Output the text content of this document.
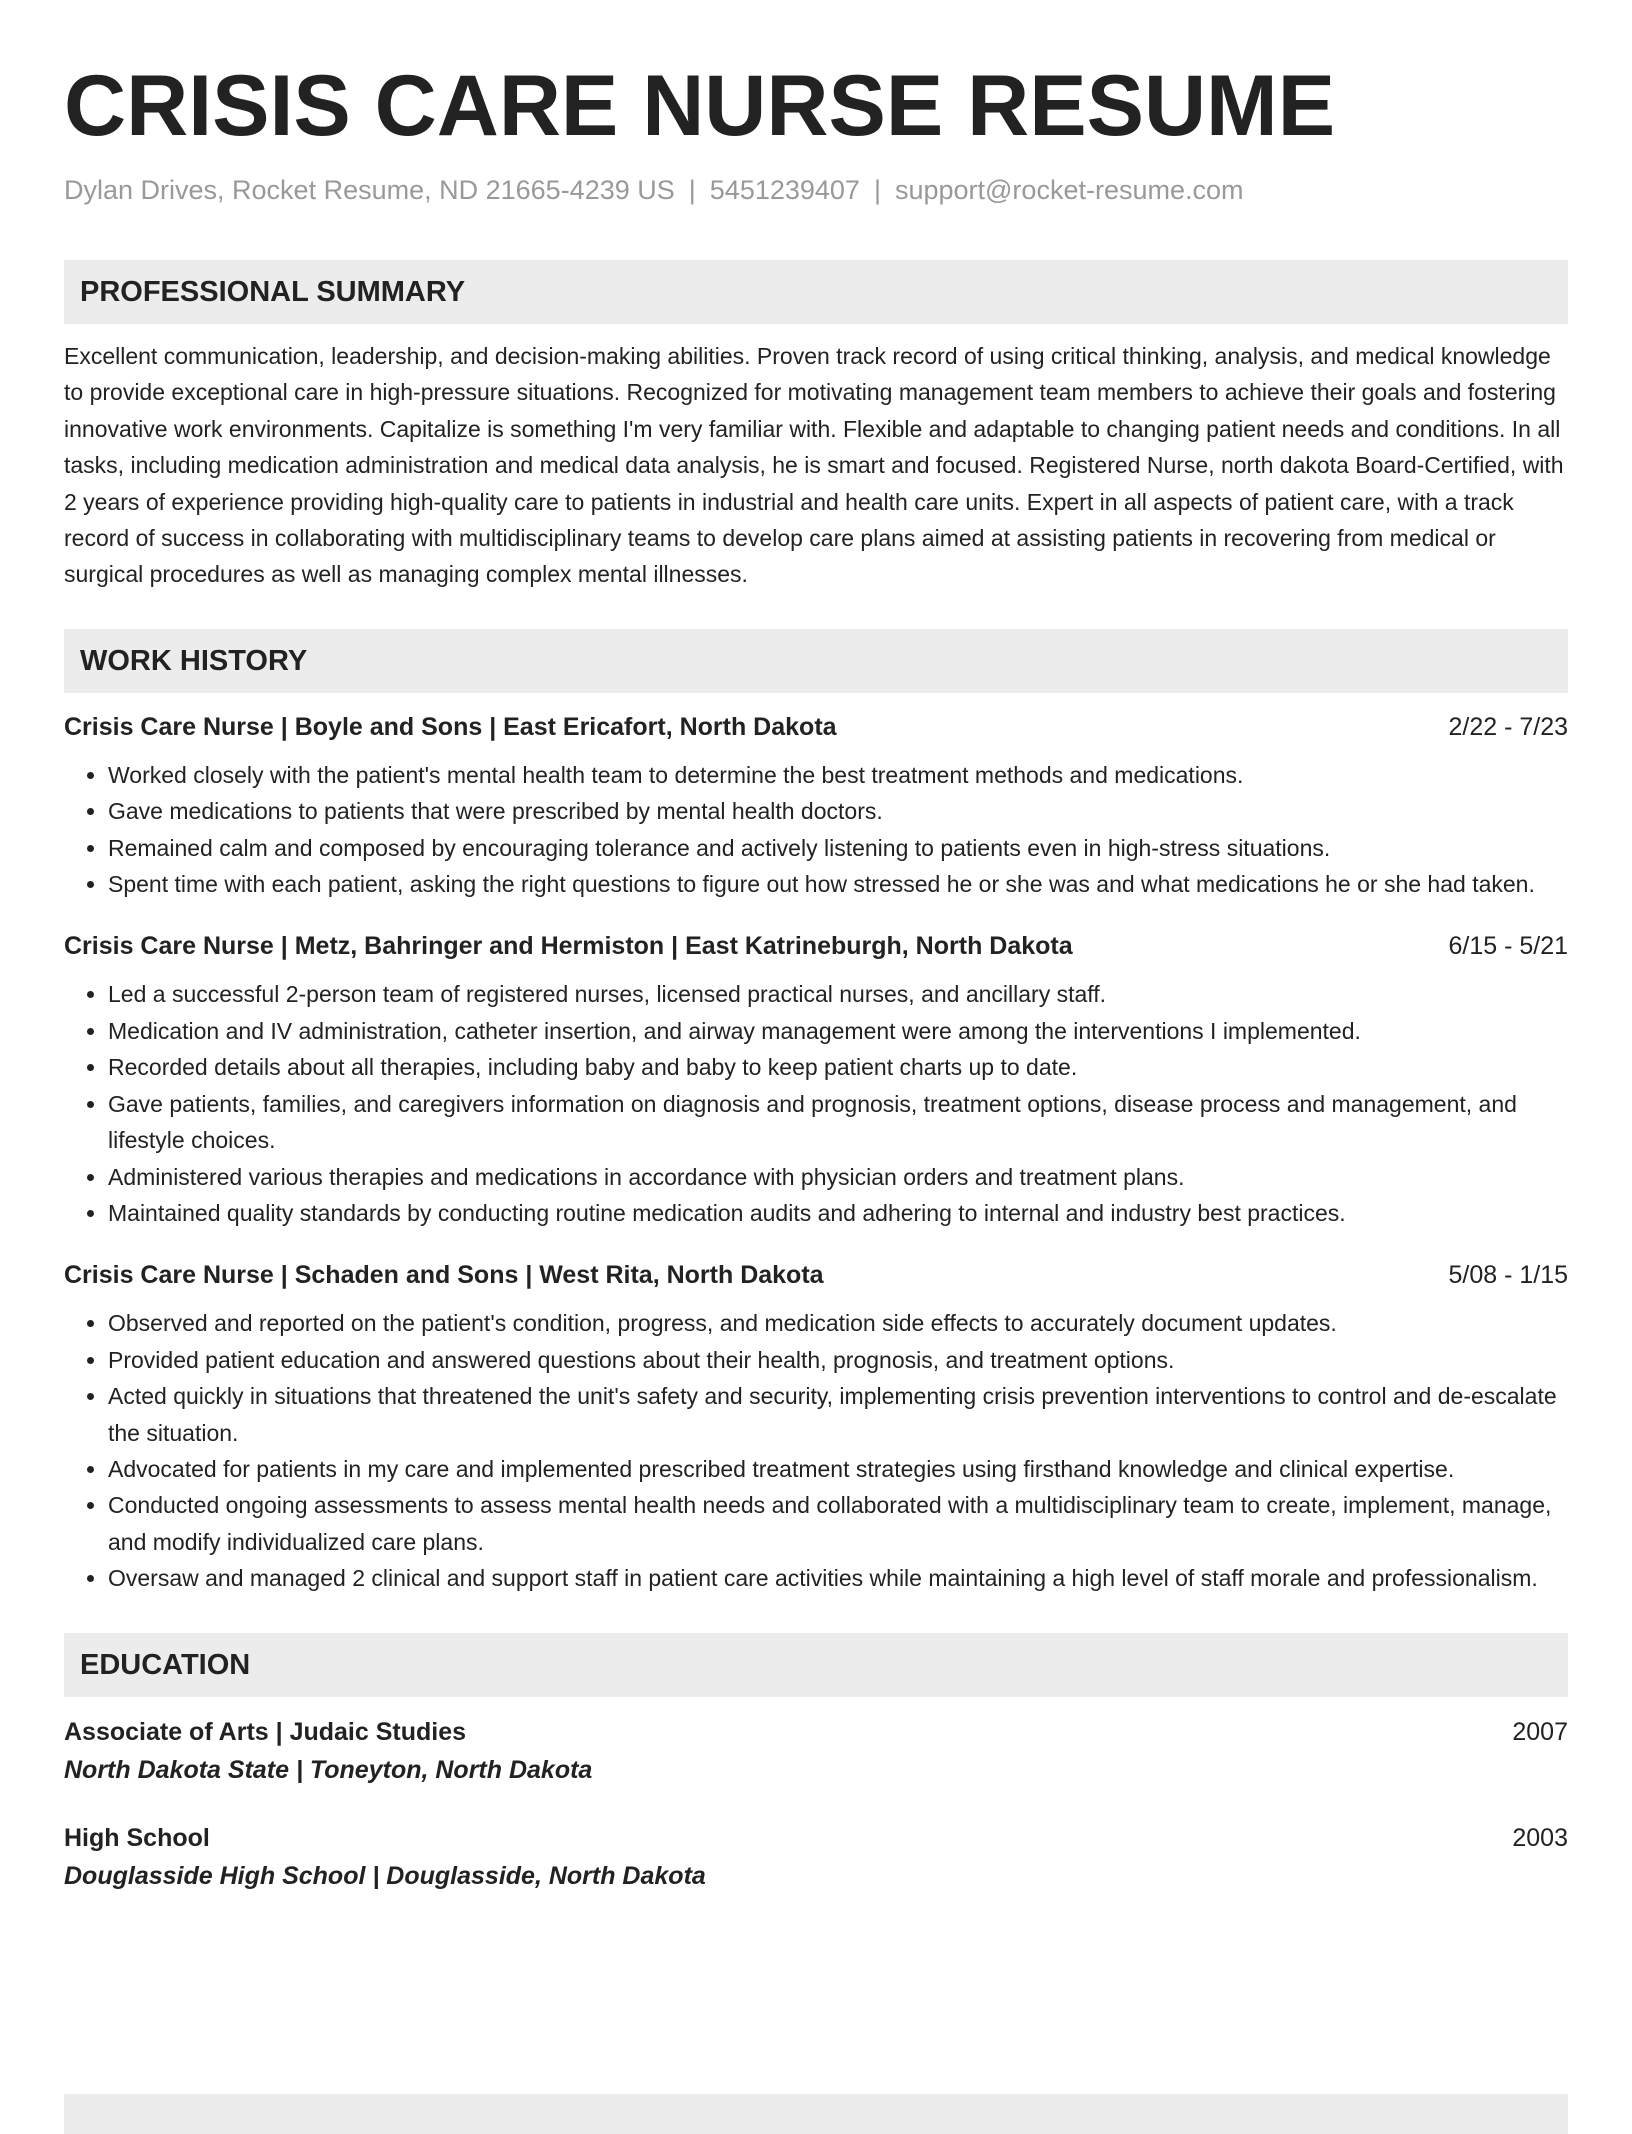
CRISIS CARE NURSE RESUME
Dylan Drives, Rocket Resume, ND 21665-4239 US | 5451239407 | support@rocket-resume.com
PROFESSIONAL SUMMARY
Excellent communication, leadership, and decision-making abilities. Proven track record of using critical thinking, analysis, and medical knowledge to provide exceptional care in high-pressure situations. Recognized for motivating management team members to achieve their goals and fostering innovative work environments. Capitalize is something I'm very familiar with. Flexible and adaptable to changing patient needs and conditions. In all tasks, including medication administration and medical data analysis, he is smart and focused. Registered Nurse, north dakota Board-Certified, with 2 years of experience providing high-quality care to patients in industrial and health care units. Expert in all aspects of patient care, with a track record of success in collaborating with multidisciplinary teams to develop care plans aimed at assisting patients in recovering from medical or surgical procedures as well as managing complex mental illnesses.
WORK HISTORY
Crisis Care Nurse | Boyle and Sons | East Ericafort, North Dakota	2/22 - 7/23
• Worked closely with the patient's mental health team to determine the best treatment methods and medications.
• Gave medications to patients that were prescribed by mental health doctors.
• Remained calm and composed by encouraging tolerance and actively listening to patients even in high-stress situations.
• Spent time with each patient, asking the right questions to figure out how stressed he or she was and what medications he or she had taken.
Crisis Care Nurse | Metz, Bahringer and Hermiston | East Katrineburgh, North Dakota	6/15 - 5/21
• Led a successful 2-person team of registered nurses, licensed practical nurses, and ancillary staff.
• Medication and IV administration, catheter insertion, and airway management were among the interventions I implemented.
• Recorded details about all therapies, including baby and baby to keep patient charts up to date.
• Gave patients, families, and caregivers information on diagnosis and prognosis, treatment options, disease process and management, and lifestyle choices.
• Administered various therapies and medications in accordance with physician orders and treatment plans.
• Maintained quality standards by conducting routine medication audits and adhering to internal and industry best practices.
Crisis Care Nurse | Schaden and Sons | West Rita, North Dakota	5/08 - 1/15
• Observed and reported on the patient's condition, progress, and medication side effects to accurately document updates.
• Provided patient education and answered questions about their health, prognosis, and treatment options.
• Acted quickly in situations that threatened the unit's safety and security, implementing crisis prevention interventions to control and de-escalate the situation.
• Advocated for patients in my care and implemented prescribed treatment strategies using firsthand knowledge and clinical expertise.
• Conducted ongoing assessments to assess mental health needs and collaborated with a multidisciplinary team to create, implement, manage, and modify individualized care plans.
• Oversaw and managed 2 clinical and support staff in patient care activities while maintaining a high level of staff morale and professionalism.
EDUCATION
Associate of Arts | Judaic Studies	2007
North Dakota State | Toneyton, North Dakota
High School	2003
Douglasside High School | Douglasside, North Dakota
